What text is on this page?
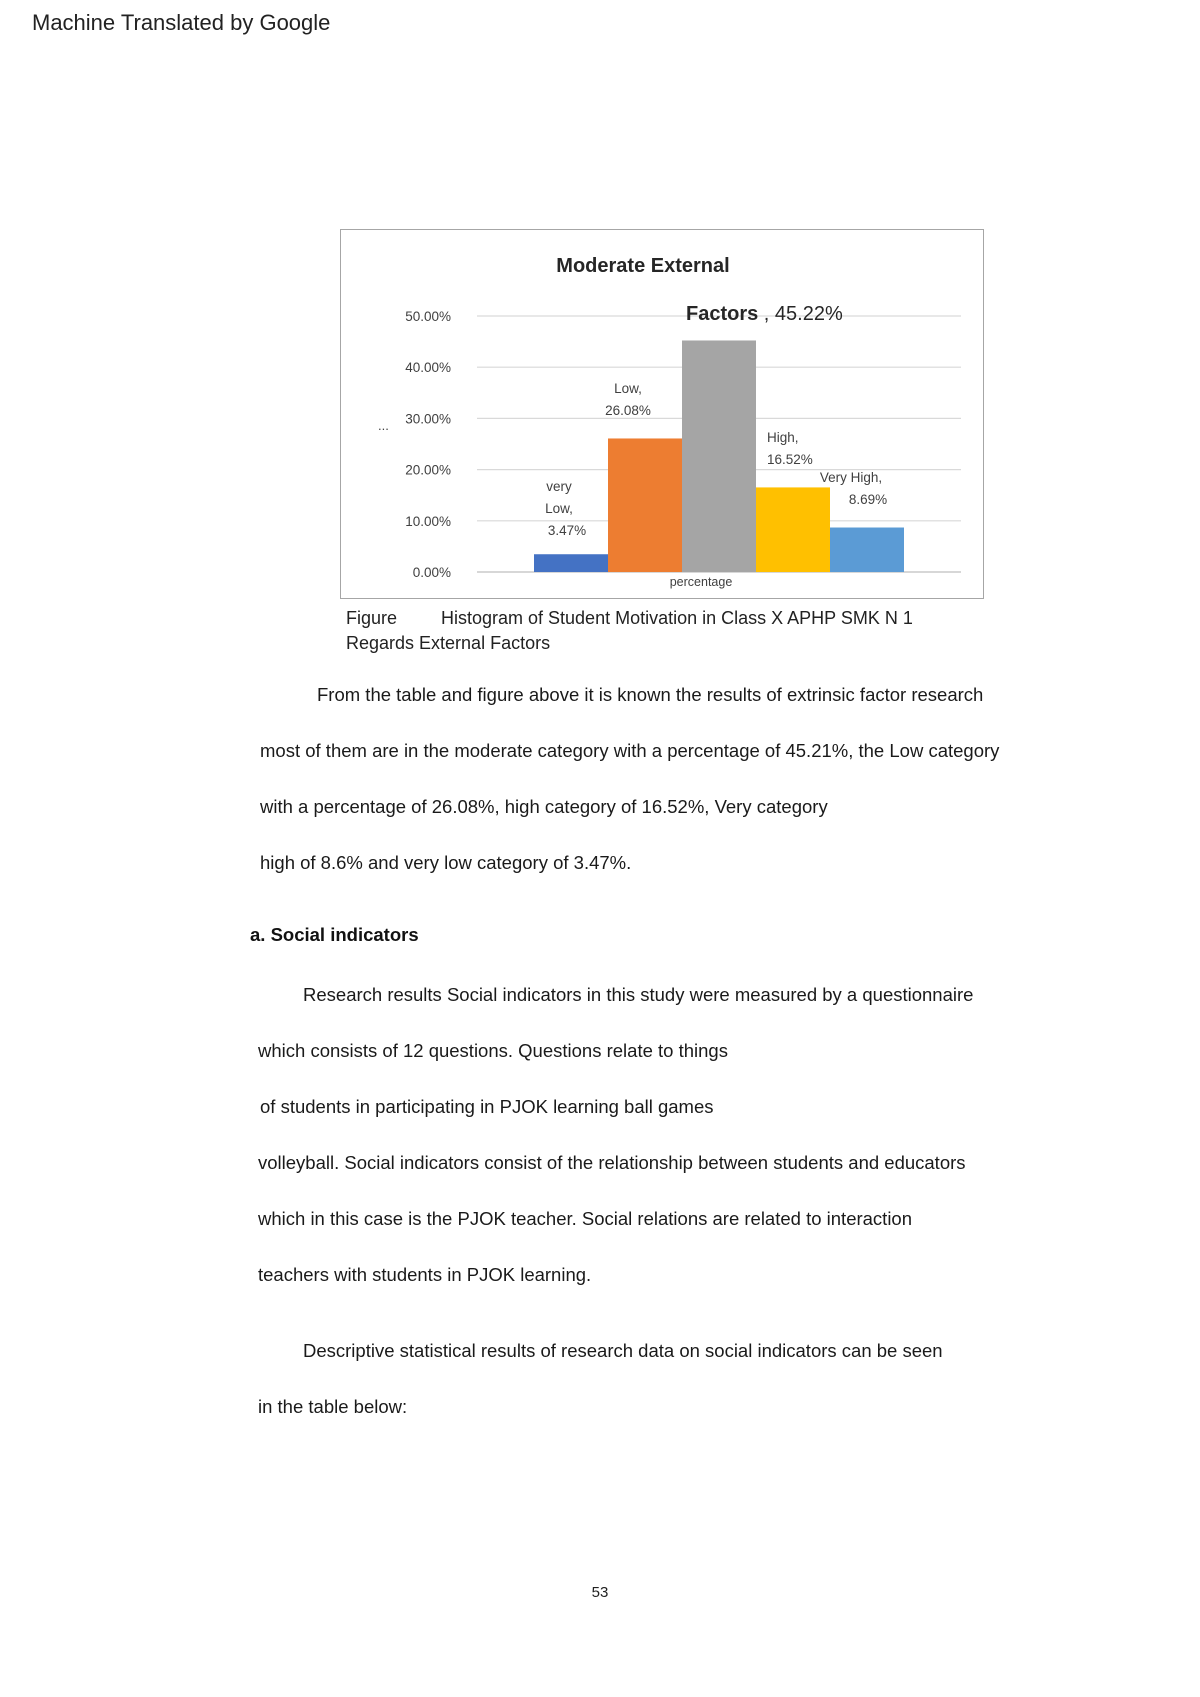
Machine Translated by Google
0.00%
10.00%
20.00%
30.00%
40.00%
50.00%
...
very
Low,
3.47%
Low,
26.08%
High,
16.52%
Very High,
8.69%
Moderate External
Factors , 45.22%
percentage
Figure Histogram of Student Motivation in Class X APHP SMK N 1
Regards External Factors
From the table and figure above it is known the results of extrinsic factor research
most of them are in the moderate category with a percentage of 45.21%, the Low category
with a percentage of 26.08%, high category of 16.52%, Very category
high of 8.6% and very low category of 3.47%.
a. Social indicators
Research results Social indicators in this study were measured by a questionnaire
which consists of 12 questions. Questions relate to things
of students in participating in PJOK learning ball games
volleyball. Social indicators consist of the relationship between students and educators
which in this case is the PJOK teacher. Social relations are related to interaction
teachers with students in PJOK learning.
Descriptive statistical results of research data on social indicators can be seen
in the table below:
53
